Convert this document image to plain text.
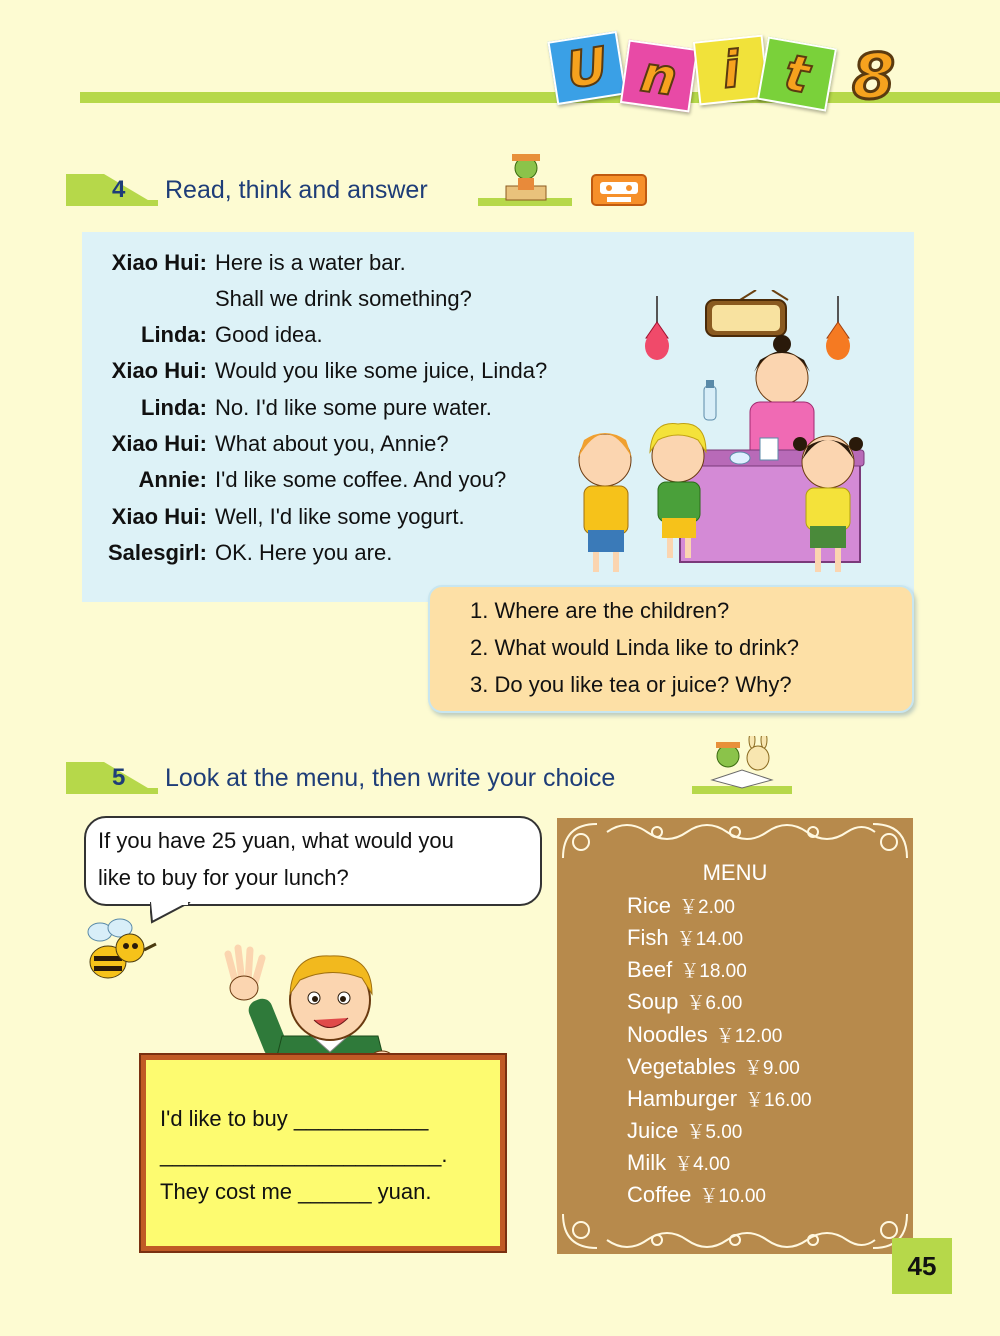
U n i t 8
4 Read, think and answer
Xiao Hui: Here is a water bar.
Shall we drink something?
Linda: Good idea.
Xiao Hui: Would you like some juice, Linda?
Linda: No. I'd like some pure water.
Xiao Hui: What about you, Annie?
Annie: I'd like some coffee. And you?
Xiao Hui: Well, I'd like some yogurt.
Salesgirl: OK. Here you are.
1. Where are the children?
2. What would Linda like to drink?
3. Do you like tea or juice? Why?
5 Look at the menu, then write your choice
If you have 25 yuan, what would you
like to buy for your lunch?
I'd like to buy ___________
_______________________.
They cost me ______ yuan.
MENU
Rice ￥2.00
Fish ￥14.00
Beef ￥18.00
Soup ￥6.00
Noodles ￥12.00
Vegetables ￥9.00
Hamburger ￥16.00
Juice ￥5.00
Milk ￥4.00
Coffee ￥10.00
45
